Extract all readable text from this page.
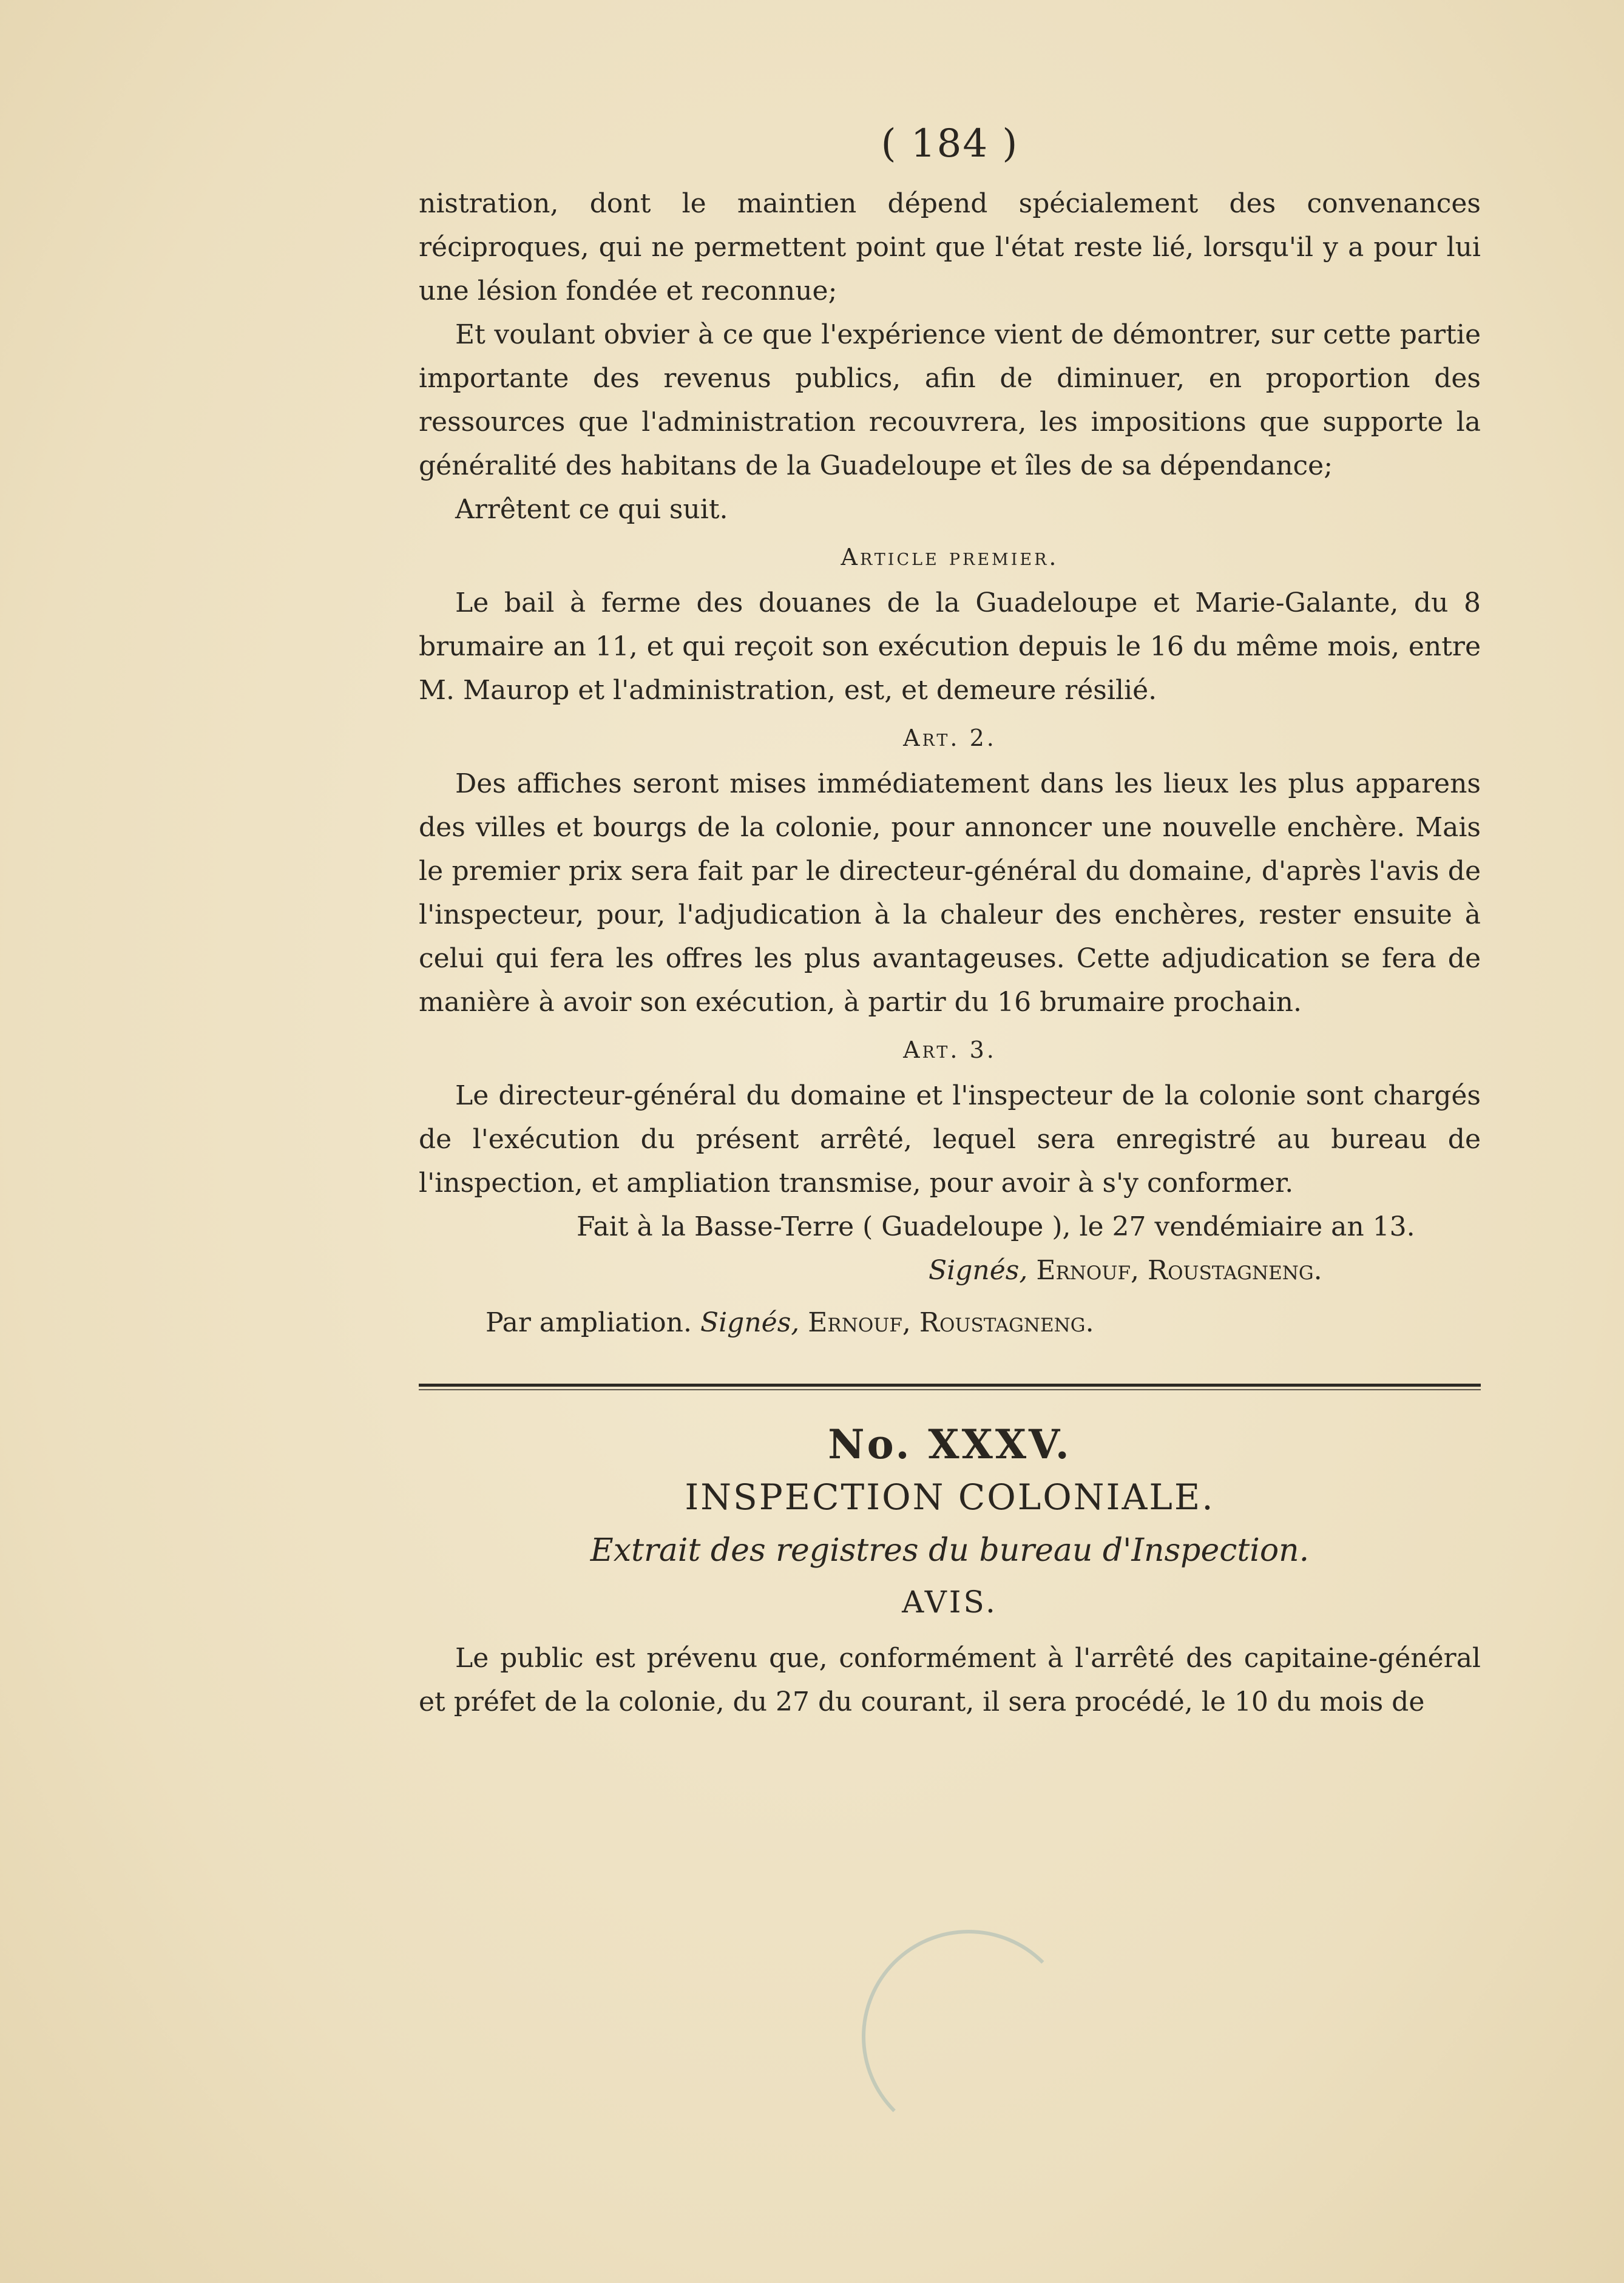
( 184 )

nistration, dont le maintien dépend spécialement des convenances réciproques, qui ne permettent point que l'état reste lié, lorsqu'il y a pour lui une lésion fondée et reconnue;

Et voulant obvier à ce que l'expérience vient de démontrer, sur cette partie importante des revenus publics, afin de diminuer, en proportion des ressources que l'administration recouvrera, les impositions que supporte la généralité des habitans de la Guadeloupe et îles de sa dépendance;

Arrêtent ce qui suit.

Article premier.

Le bail à ferme des douanes de la Guadeloupe et Marie-Galante, du 8 brumaire an 11, et qui reçoit son exécution depuis le 16 du même mois, entre M. Maurop et l'administration, est, et demeure résilié.

Art. 2.

Des affiches seront mises immédiatement dans les lieux les plus apparens des villes et bourgs de la colonie, pour annoncer une nouvelle enchère. Mais le premier prix sera fait par le directeur-général du domaine, d'après l'avis de l'inspecteur, pour, l'adjudication à la chaleur des enchères, rester ensuite à celui qui fera les offres les plus avantageuses. Cette adjudication se fera de manière à avoir son exécution, à partir du 16 brumaire prochain.

Art. 3.

Le directeur-général du domaine et l'inspecteur de la colonie sont chargés de l'exécution du présent arrêté, lequel sera enregistré au bureau de l'inspection, et ampliation transmise, pour avoir à s'y conformer.

Fait à la Basse-Terre ( Guadeloupe ), le 27 vendémiaire an 13.
Signés, Ernouf, Roustagneng.
Par ampliation. Signés, Ernouf, Roustagneng.
No. XXXV.
INSPECTION COLONIALE.
Extrait des registres du bureau d'Inspection.
AVIS.

Le public est prévenu que, conformément à l'arrêté des capitaine-général et préfet de la colonie, du 27 du courant, il sera procédé, le 10 du mois de
